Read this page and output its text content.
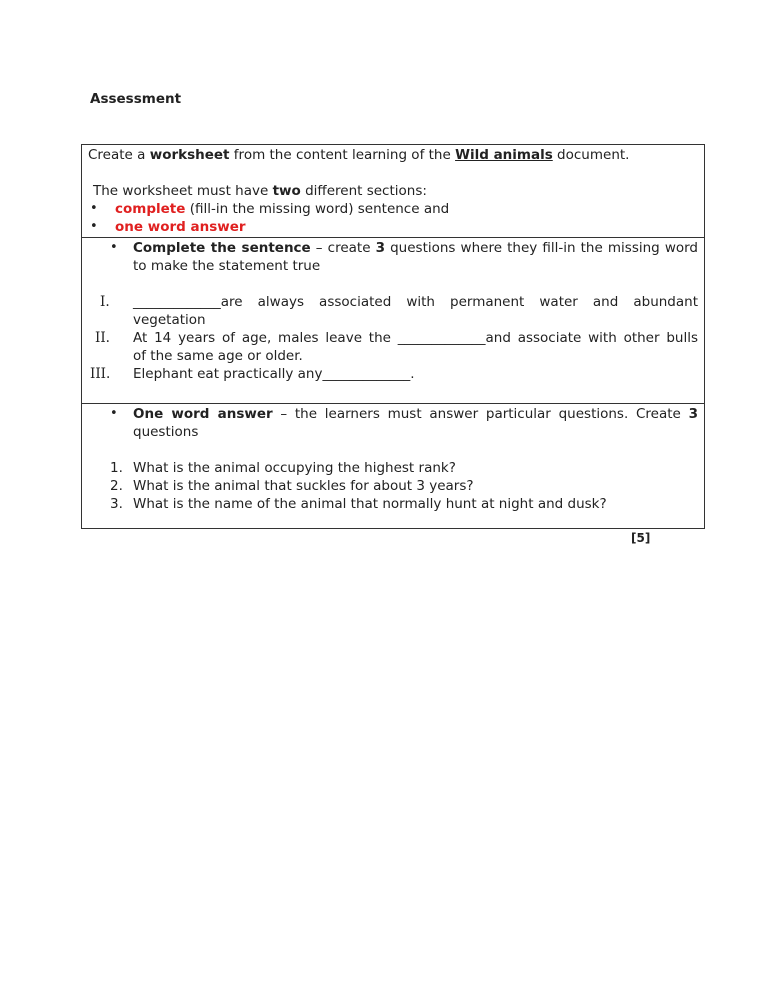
Assessment
Create a worksheet from the content learning of the Wild animals document.
The worksheet must have two different sections:
• complete (fill-in the missing word) sentence and
• one word answer
• Complete the sentence – create 3 questions where they fill-in the missing word
to make the statement true
I. _____________are always associated with permanent water and abundant
vegetation
II. At 14 years of age, males leave the _____________and associate with other bulls
of the same age or older.
III. Elephant eat practically any_____________.
• One word answer – the learners must answer particular questions. Create 3
questions
1. What is the animal occupying the highest rank?
2. What is the animal that suckles for about 3 years?
3. What is the name of the animal that normally hunt at night and dusk?
[5]
